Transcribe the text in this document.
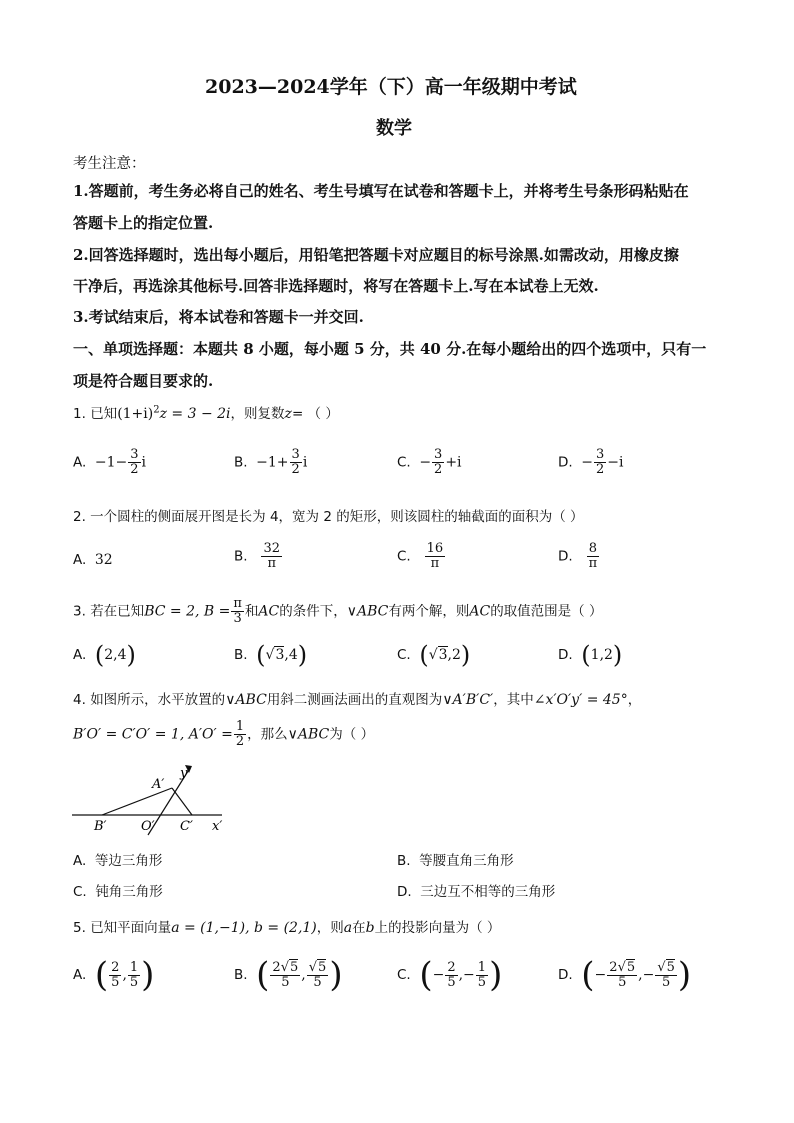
2023—2024学年（下）高一年级期中考试
数学
考生注意：
1.答题前，考生务必将自己的姓名、考生号填写在试卷和答题卡上，并将考生号条形码粘贴在
答题卡上的指定位置.
2.回答选择题时，选出每小题后，用铅笔把答题卡对应题目的标号涂黑.如需改动，用橡皮擦
干净后，再选涂其他标号.回答非选择题时，将写在答题卡上.写在本试卷上无效.
3.考试结束后，将本试卷和答题卡一并交回.
一、单项选择题：本题共 8 小题，每小题 5 分，共 40 分.在每小题给出的四个选项中，只有一
项是符合题目要求的.
1. 已知$(1+i)^2z = 3 - 2i$，则复数z= （ ）
A. $-1- \frac{3}{2}$ i	B. $-1+ \frac{3}{2}$ i	C. − $\frac{3}{2} +i$	D. − $\frac{3}{2} -i$
2. 一个圆柱的侧面展开图是长为 4，宽为 2 的矩形，则该圆柱的轴截面的面积为（ ）
A. 32	B. $\frac{32}{\pi}$	C. $\frac{16}{\pi}$	D. $\frac{8}{\pi}$
3. 若在已知BC = 2, $B = \frac{\pi}{3}$ 和AC的条件下，∨ABC有两个解，则AC的取值范围是（ ）
A. (2,4)	B. (√3,4)	C. (√3,2)	D. (1,2)
4. 如图所示，水平放置的∨ABC用斜二测画法画出的直观图为∨A′B′C′，其中∠x′O′y′ = 45°，
B′O′ = C′O′ = 1, $A'O' = \frac{1}{2}$ ，那么∨ABC为（ ）
A′
B′	O′ C′ x′
y′
A. 等边三角形	B. 等腰直角三角形
C. 钝角三角形	D. 三边互不相等的三角形
5. 已知平面向量a = (1,−1), b = (2,1)，则a在b上的投影向量为（ ）
A. ( $\frac{2}{5}$ , $\frac{1}{5}$ )	B. ( $\frac{2√5}{5}$ , $\frac{√5}{5}$ )	C. (− $\frac{2}{5}$ ,− $\frac{1}{5}$ )	D. (− $\frac{2√5}{5}$ ,− $\frac{√5}{5}$ )
